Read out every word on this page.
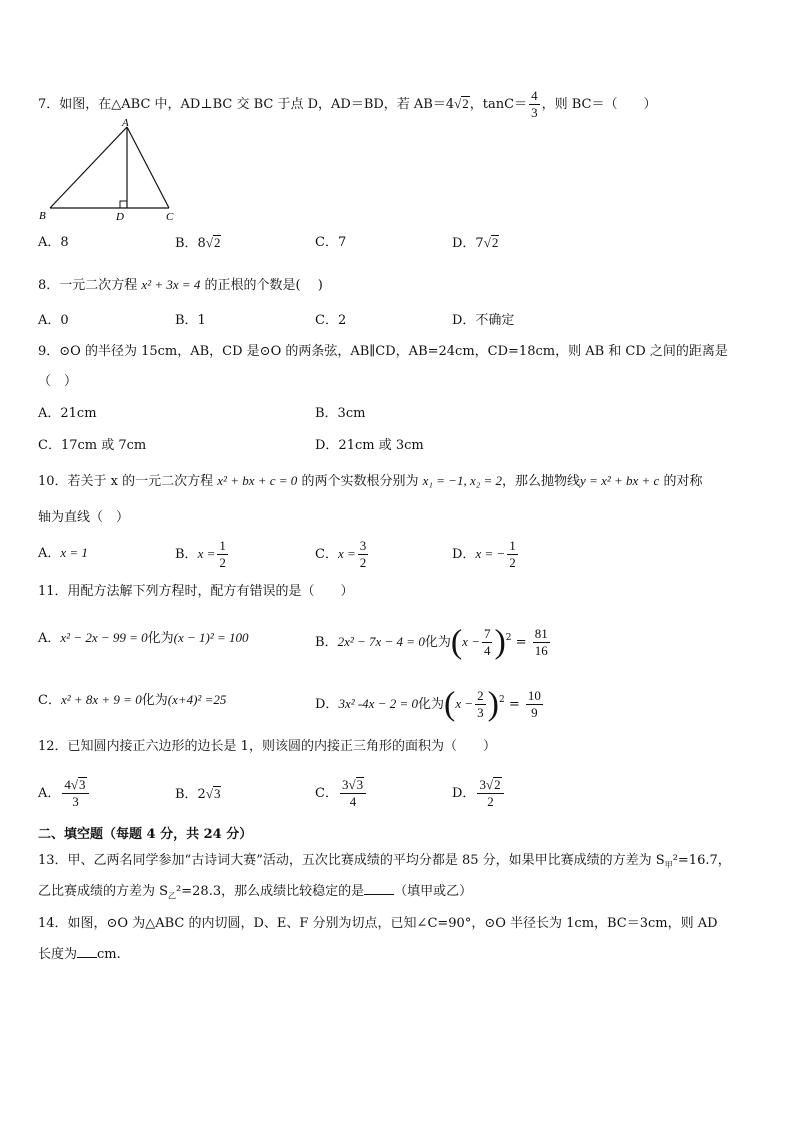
7．如图，在△ABC 中，AD⊥BC 交 BC 于点 D，AD＝BD，若 AB＝4√2，$\tan C= \frac{4}{3}$ ，则 BC＝（　　）
A
B	D	C
A．8	B．8√2	C．7	D．7√2
8．一元二次方程 x² + 3x = 4 的正根的个数是(　 )
A．0	B．1	C．2	D．不确定
9．⊙O 的半径为 15cm，AB，CD 是⊙O 的两条弦，AB∥CD，AB=24cm，CD=18cm，则 AB 和 CD 之间的距离是
（　）
A．21cm	B．3cm
C．17cm 或 7cm	D．21cm 或 3cm
10．若关于 x 的一元二次方程 x² + bx + c = 0 的两个实数根分别为 x₁ = −1, x₂ = 2，那么抛物线y = x² + bx + c 的对称
轴为直线（　）
A．x = 1	B．$x = \frac{1}{2}$	C．$x = \frac{3}{2}$	D．x = − $\frac{1}{2}$
11．用配方法解下列方程时，配方有错误的是（　　）
A．x² − 2x − 99 = 0化为(x − 1)² = 100	B．2x² − 7x − 4 = 0化为$(x - \frac{7}{4} )^2 = \frac{81}{16}$
C．x² + 8x + 9 = 0化为(x+4)² =25	D．3x² -4x − 2 = 0化为$(x - \frac{2}{3} )^2 = \frac{10}{9}$
12．已知圆内接正六边形的边长是 1，则该圆的内接正三角形的面积为（　　）
A． $\frac{4√3}{3}$	B．2√3	C． $\frac{3√3}{4}$	D． $\frac{3√2}{2}$
二、填空题（每题 4 分，共 24 分）
13．甲、乙两名同学参加“古诗词大赛”活动，五次比赛成绩的平均分都是 85 分，如果甲比赛成绩的方差为 $S_甲^2=16.7$，
乙比赛成绩的方差为 $S_乙^2=28.3$，那么成绩比较稳定的是 （填甲或乙）
14．如图，⊙O 为△ABC 的内切圆，D、E、F 分别为切点，已知∠C=90°，⊙O 半径长为 1cm，BC＝3cm，则 AD
长度为 cm.
